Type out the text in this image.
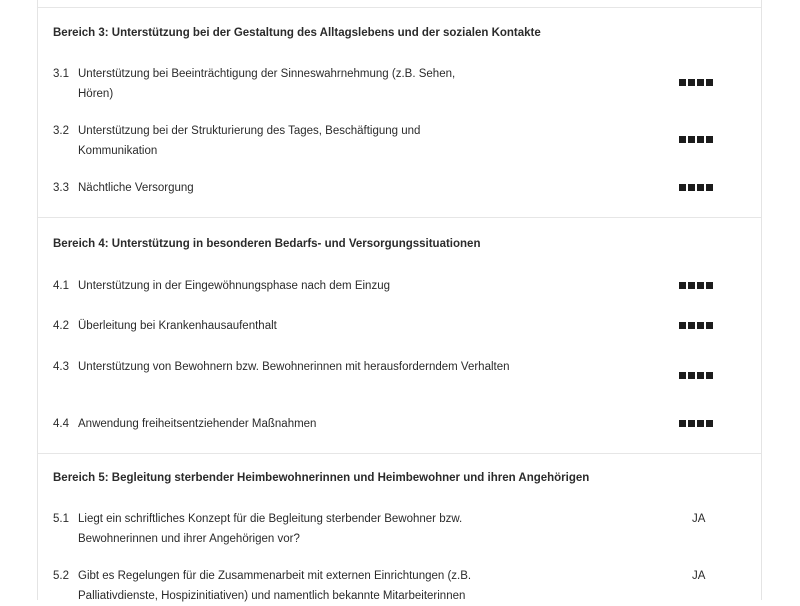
Bereich 3: Unterstützung bei der Gestaltung des Alltagslebens und der sozialen Kontakte
3.1 Unterstützung bei Beeinträchtigung der Sinneswahrnehmung (z.B. Sehen, Hören)
3.2 Unterstützung bei der Strukturierung des Tages, Beschäftigung und Kommunikation
3.3 Nächtliche Versorgung
Bereich 4: Unterstützung in besonderen Bedarfs- und Versorgungssituationen
4.1 Unterstützung in der Eingewöhnungsphase nach dem Einzug
4.2 Überleitung bei Krankenhausaufenthalt
4.3 Unterstützung von Bewohnern bzw. Bewohnerinnen mit herausforderndem Verhalten
4.4 Anwendung freiheitsentziehender Maßnahmen
Bereich 5: Begleitung sterbender Heimbewohnerinnen und Heimbewohner und ihren Angehörigen
5.1 Liegt ein schriftliches Konzept für die Begleitung sterbender Bewohner bzw. Bewohnerinnen und ihrer Angehörigen vor?
JA
5.2 Gibt es Regelungen für die Zusammenarbeit mit externen Einrichtungen (z.B. Palliativdienste, Hospizinitiativen) und namentlich bekannte Mitarbeiterinnen
JA
